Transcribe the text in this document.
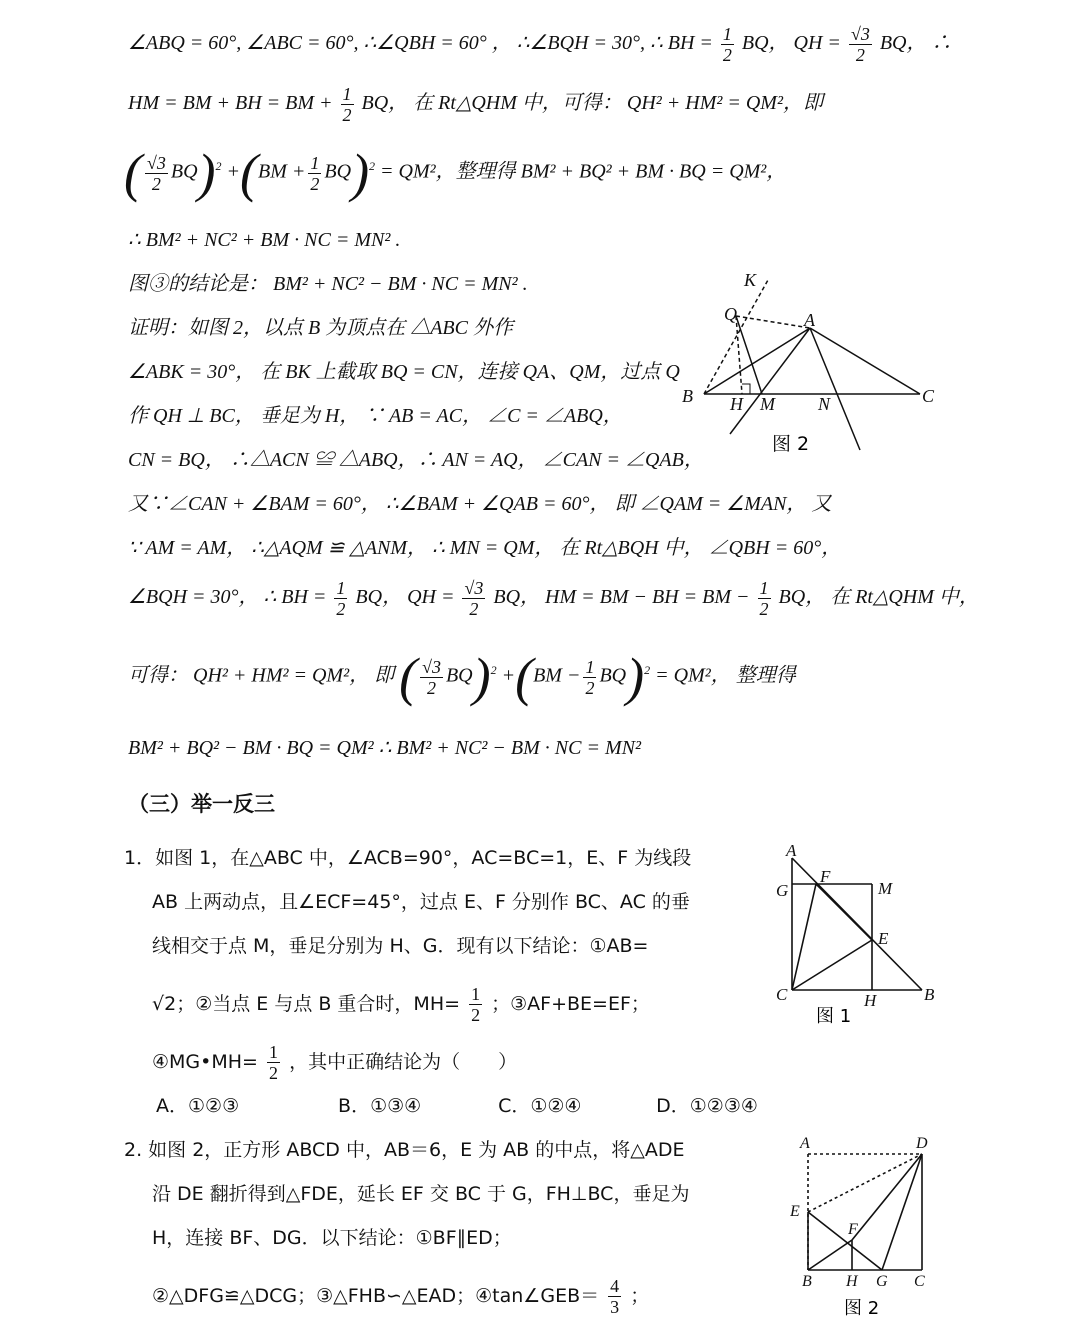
∠ABQ = 60°, ∠ABC = 60°, ∴∠QBH = 60° ， ∴∠BQH = 30°, ∴ BH = $\frac{1}{2}$ BQ， QH = $\frac{√3}{2}$ BQ， ∴
HM = BM + BH = BM + $\frac{1}{2}$ BQ， 在 Rt△QHM 中，可得： QH² + HM² = QM²，即
( $\frac{√3}{2} BQ)^2 +(BM + \frac{1}{2} BQ)^2 = QM^2$，整理得 BM² + BQ² + BM · BQ = QM²，
∴ BM² + NC² + BM · NC = MN² .
图③的结论是： BM² + NC² − BM · NC = MN² .
证明：如图 2，以点 B 为顶点在 △ABC 外作
∠ABK = 30°， 在 BK 上截取 BQ = CN，连接 QA、QM，过点 Q
作 QH ⊥ BC， 垂足为 H， ∵ AB = AC， ∠C = ∠ABQ，
CN = BQ， ∴△ACN ≌ △ABQ，∴ AN = AQ， ∠CAN = ∠QAB，
又∵∠CAN + ∠BAM = 60°， ∴∠BAM + ∠QAB = 60°， 即 ∠QAM = ∠MAN， 又
∵ AM = AM， ∴△AQM ≌ △ANM， ∴ MN = QM， 在 Rt△BQH 中， ∠QBH = 60°，
∠BQH = 30°， ∴ BH = $\frac{1}{2}$ BQ， QH = $\frac{√3}{2}$ BQ， HM = BM − BH = BM − $\frac{1}{2}$ BQ， 在 Rt△QHM 中，
可得： QH² + HM² = QM²， 即 ( $\frac{√3}{2} BQ)^2 +(BM - \frac{1}{2} BQ)^2 = QM^2$， 整理得
BM² + BQ² − BM · BQ = QM² ∴ BM² + NC² − BM · NC = MN²
（三）举一反三
1．如图 1，在△ABC 中，∠ACB=90°，AC=BC=1，E、F 为线段
AB 上两动点，且∠ECF=45°，过点 E、F 分别作 BC、AC 的垂
线相交于点 M，垂足分别为 H、G．现有以下结论：①AB=
√2；②当点 E 与点 B 重合时，$MH= \frac{1}{2}$ ；③AF+BE=EF；
④MG•MH= $\frac{1}{2}$ ，其中正确结论为（　　）
A．①②③	B．①③④	C．①②④	D．①②③④
2. 如图 2，正方形 ABCD 中，AB＝6，E 为 AB 的中点，将△ADE
沿 DE 翻折得到△FDE，延长 EF 交 BC 于 G，FH⊥BC，垂足为
H，连接 BF、DG．以下结论：①BF∥ED；
②△DFG≌△DCG；③△FHB∽△EAD；④tan∠GEB＝ $\frac{4}{3}$ ；
K
Q	A
B H M N	C
图 2
A
F
G	M
E
C	H	B
图 1
A	D
E
F
B H G C
图 2
